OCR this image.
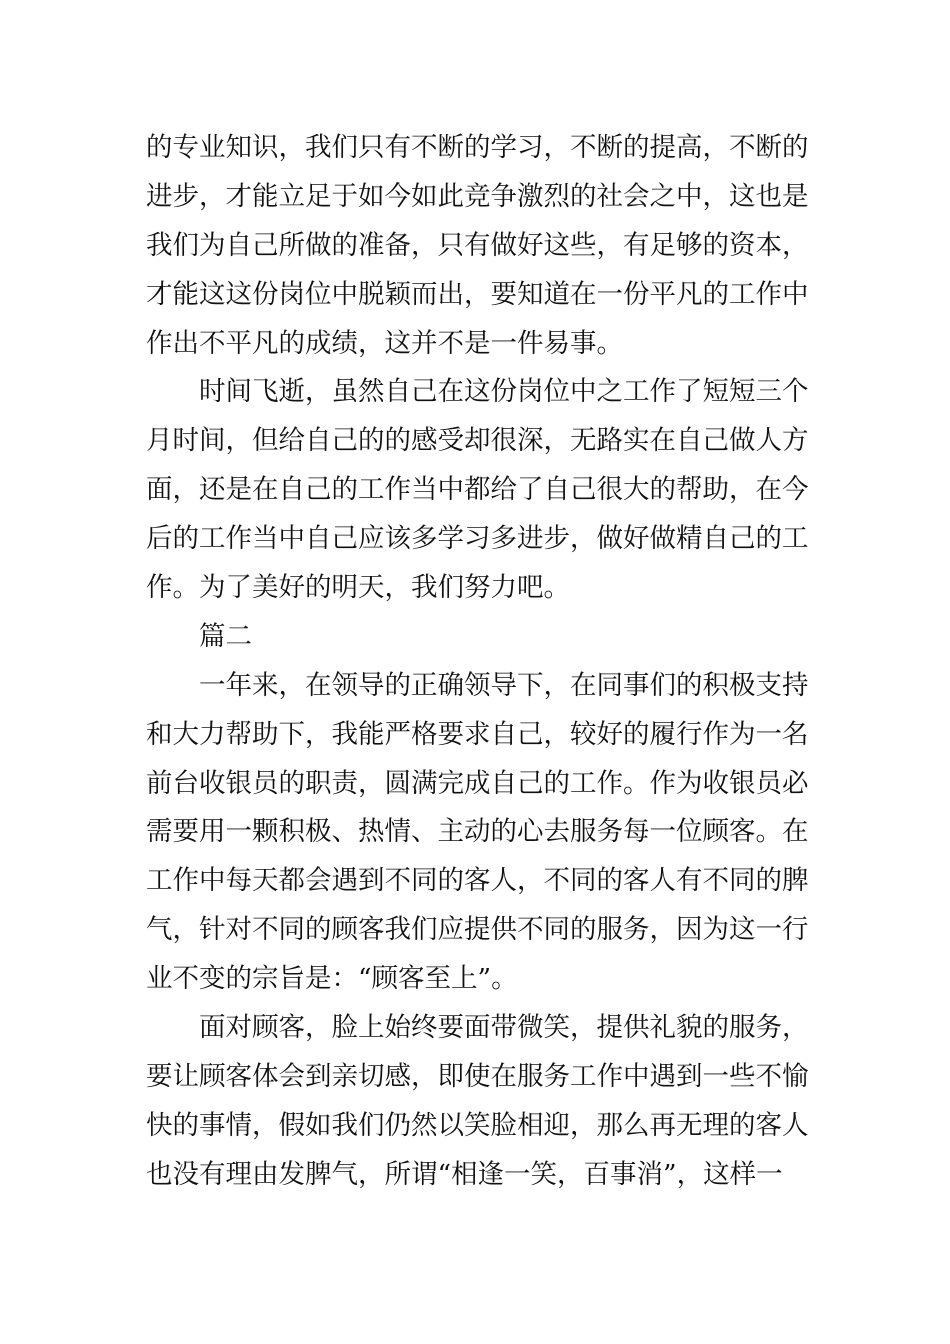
的专业知识，我们只有不断的学习，不断的提高，不断的
进步，才能立足于如今如此竞争激烈的社会之中，这也是
我们为自己所做的准备，只有做好这些，有足够的资本，
才能这这份岗位中脱颖而出，要知道在一份平凡的工作中
作出不平凡的成绩，这并不是一件易事。
时间飞逝，虽然自己在这份岗位中之工作了短短三个
月时间，但给自己的的感受却很深，无路实在自己做人方
面，还是在自己的工作当中都给了自己很大的帮助，在今
后的工作当中自己应该多学习多进步，做好做精自己的工
作。为了美好的明天，我们努力吧。
篇二
一年来，在领导的正确领导下，在同事们的积极支持
和大力帮助下，我能严格要求自己，较好的履行作为一名
前台收银员的职责，圆满完成自己的工作。作为收银员必
需要用一颗积极、热情、主动的心去服务每一位顾客。在
工作中每天都会遇到不同的客人，不同的客人有不同的脾
气，针对不同的顾客我们应提供不同的服务，因为这一行
业不变的宗旨是：“顾客至上”。
面对顾客，脸上始终要面带微笑，提供礼貌的服务，
要让顾客体会到亲切感，即使在服务工作中遇到一些不愉
快的事情，假如我们仍然以笑脸相迎，那么再无理的客人
也没有理由发脾气，所谓“相逢一笑，百事消”，这样一
